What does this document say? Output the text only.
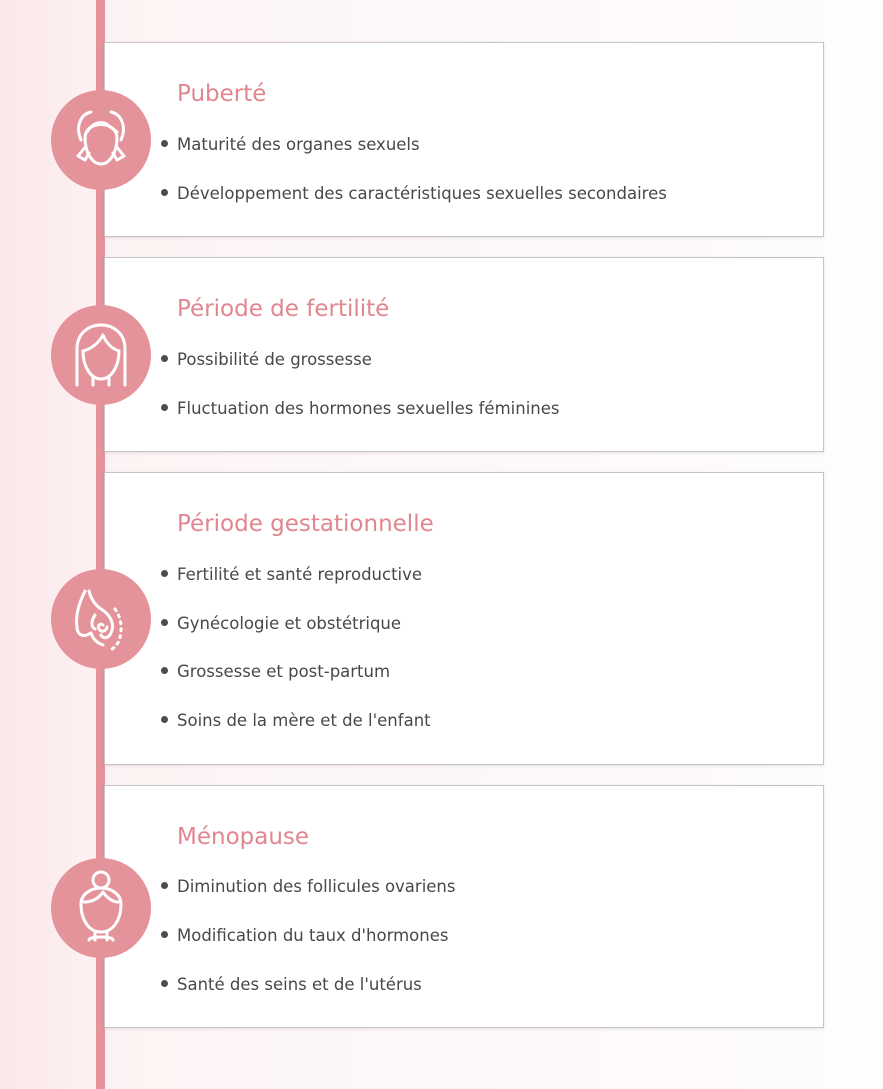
Puberté
Maturité des organes sexuels
Développement des caractéristiques sexuelles secondaires
Période de fertilité
Possibilité de grossesse
Fluctuation des hormones sexuelles féminines
Période gestationnelle
Fertilité et santé reproductive
Gynécologie et obstétrique
Grossesse et post-partum
Soins de la mère et de l'enfant
Ménopause
Diminution des follicules ovariens
Modification du taux d'hormones
Santé des seins et de l'utérus
